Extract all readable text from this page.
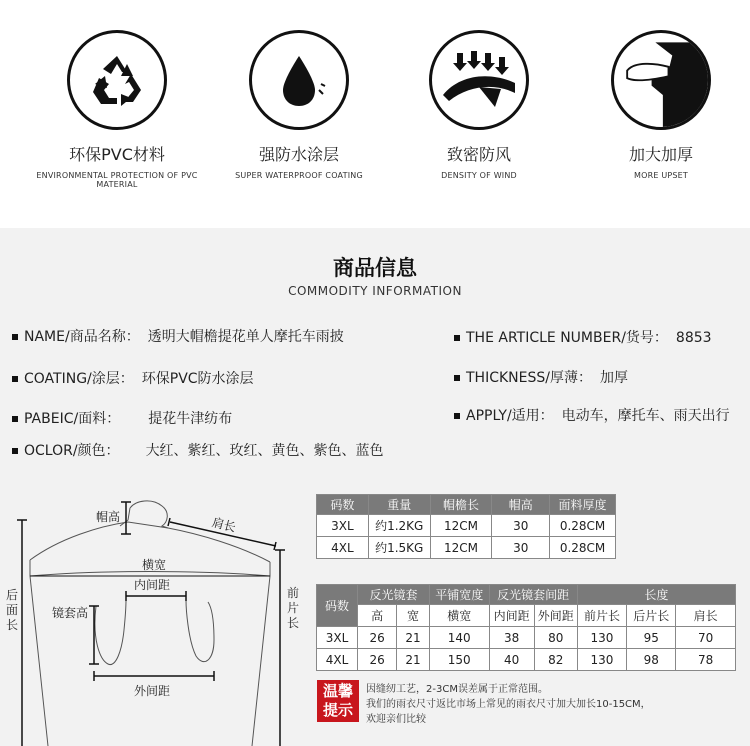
环保PVC材料
ENVIRONMENTAL PROTECTION OF PVC MATERIAL
强防水涂层
SUPER WATERPROOF COATING
致密防风
DENSITY OF WIND
加大加厚
MORE UPSET
商品信息
COMMODITY INFORMATION
NAME/商品名称： 透明大帽檐提花单人摩托车雨披	THE ARTICLE NUMBER/货号： 8853
COATING/涂层： 环保PVC防水涂层	THICKNESS/厚薄： 加厚
PABEIC/面料： 提花牛津纺布	APPLY/适用： 电动车，摩托车、雨天出行
OCLOR/颜色： 大红、紫红、玫红、黄色、紫色、蓝色
码数	重量	帽檐长	帽高	面料厚度
3XL	约1.2KG	12CM	30	0.28CM
4XL	约1.5KG	12CM	30	0.28CM
码数	反光镜套		平铺宽度	反光镜套间距		长度		
	高	宽	横宽	内间距	外间距	前片长	后片长	肩长
3XL	26	21	140	38	80	130	95	70
4XL	26	21	150	40	82	130	98	78
帽高	肩长
横宽
后面长
前片长
内间距
镜套高
外间距	温馨
提示
因缝纫工艺，2-3CM误差属于正常范围。
我们的雨衣尺寸返比市场上常见的雨衣尺寸加大加长10-15CM，
欢迎亲们比较
